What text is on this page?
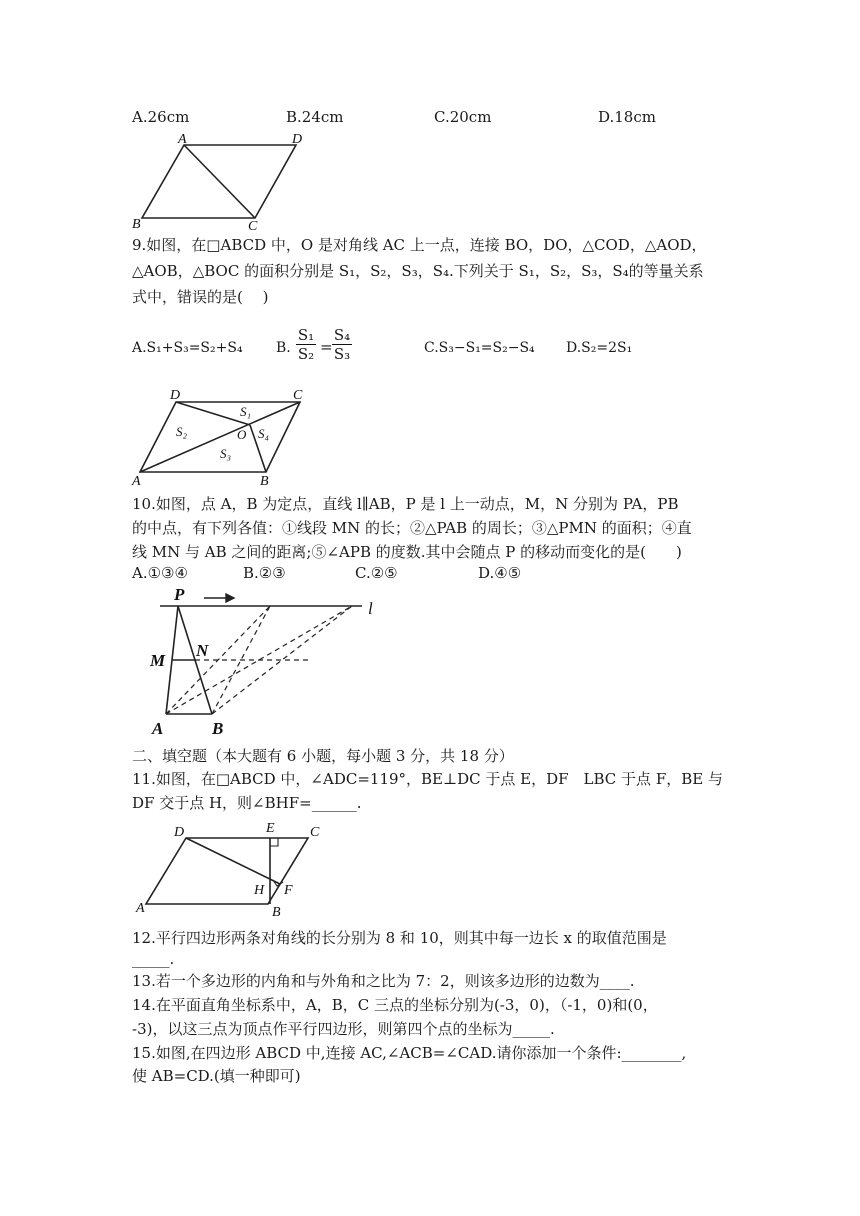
A.26cm	B.24cm	C.20cm	D.18cm
A	D
B	C
9.如图，在□ABCD 中，O 是对角线 AC 上一点，连接 BO，DO，△COD，△AOD，
△AOB，△BOC 的面积分别是 S₁，S₂，S₃，S₄.下列关于 S₁，S₂，S₃，S₄的等量关系
式中，错误的是(　 )
A.S₁+S₃=S₂+S₄ B. $\frac{\text{S₁}}{\text{S₂}} = \frac{\text{S₄}}{\text{S₃}}$	C.S₃−S₁=S₂−S₄ D.S₂=2S₁
D	C
A	B
O
S₁
S₂
S₃
S₄
10.如图，点 A，B 为定点，直线 l∥AB，P 是 l 上一动点，M，N 分别为 PA，PB
的中点，有下列各值：①线段 MN 的长；②△PAB 的周长；③△PMN 的面积；④直
线 MN 与 AB 之间的距离;⑤∠APB 的度数.其中会随点 P 的移动而变化的是(　　)
A.①③④	B.②③	C.②⑤	D.④⑤
P
l
M
N
A	B
二、填空题（本大题有 6 小题，每小题 3 分，共 18 分）
11.如图，在□ABCD 中，∠ADC=119°，BE⊥DC 于点 E，DF　LBC 于点 F，BE 与
DF 交于点 H，则∠BHF=______.
D	E	C
A
H F
B
12.平行四边形两条对角线的长分别为 8 和 10，则其中每一边长 x 的取值范围是
_____.
13.若一个多边形的内角和与外角和之比为 7：2，则该多边形的边数为____.
14.在平面直角坐标系中，A，B，C 三点的坐标分别为(-3，0)，（-1，0)和(0，
-3)，以这三点为顶点作平行四边形，则第四个点的坐标为_____.
15.如图,在四边形 ABCD 中,连接 AC,∠ACB=∠CAD.请你添加一个条件:________,
使 AB=CD.(填一种即可)
